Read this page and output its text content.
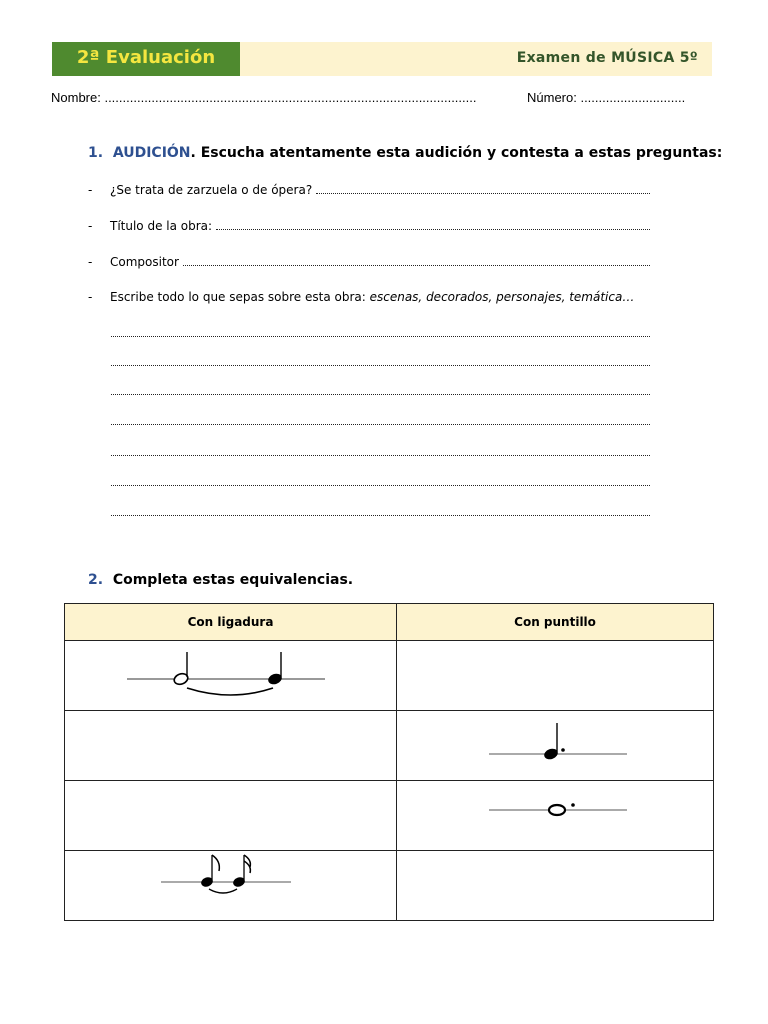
2ª Evaluación	Examen de MÚSICA 5º
Nombre: .......................................................................................................	Número: .............................
1. AUDICIÓN. Escucha atentamente esta audición y contesta a estas preguntas:
-	¿Se trata de zarzuela o de ópera?
-	Título de la obra:
-	Compositor
-	Escribe todo lo que sepas sobre esta obra: escenas, decorados, personajes, temática…
2. Completa estas equivalencias.
Con ligadura	Con puntillo
